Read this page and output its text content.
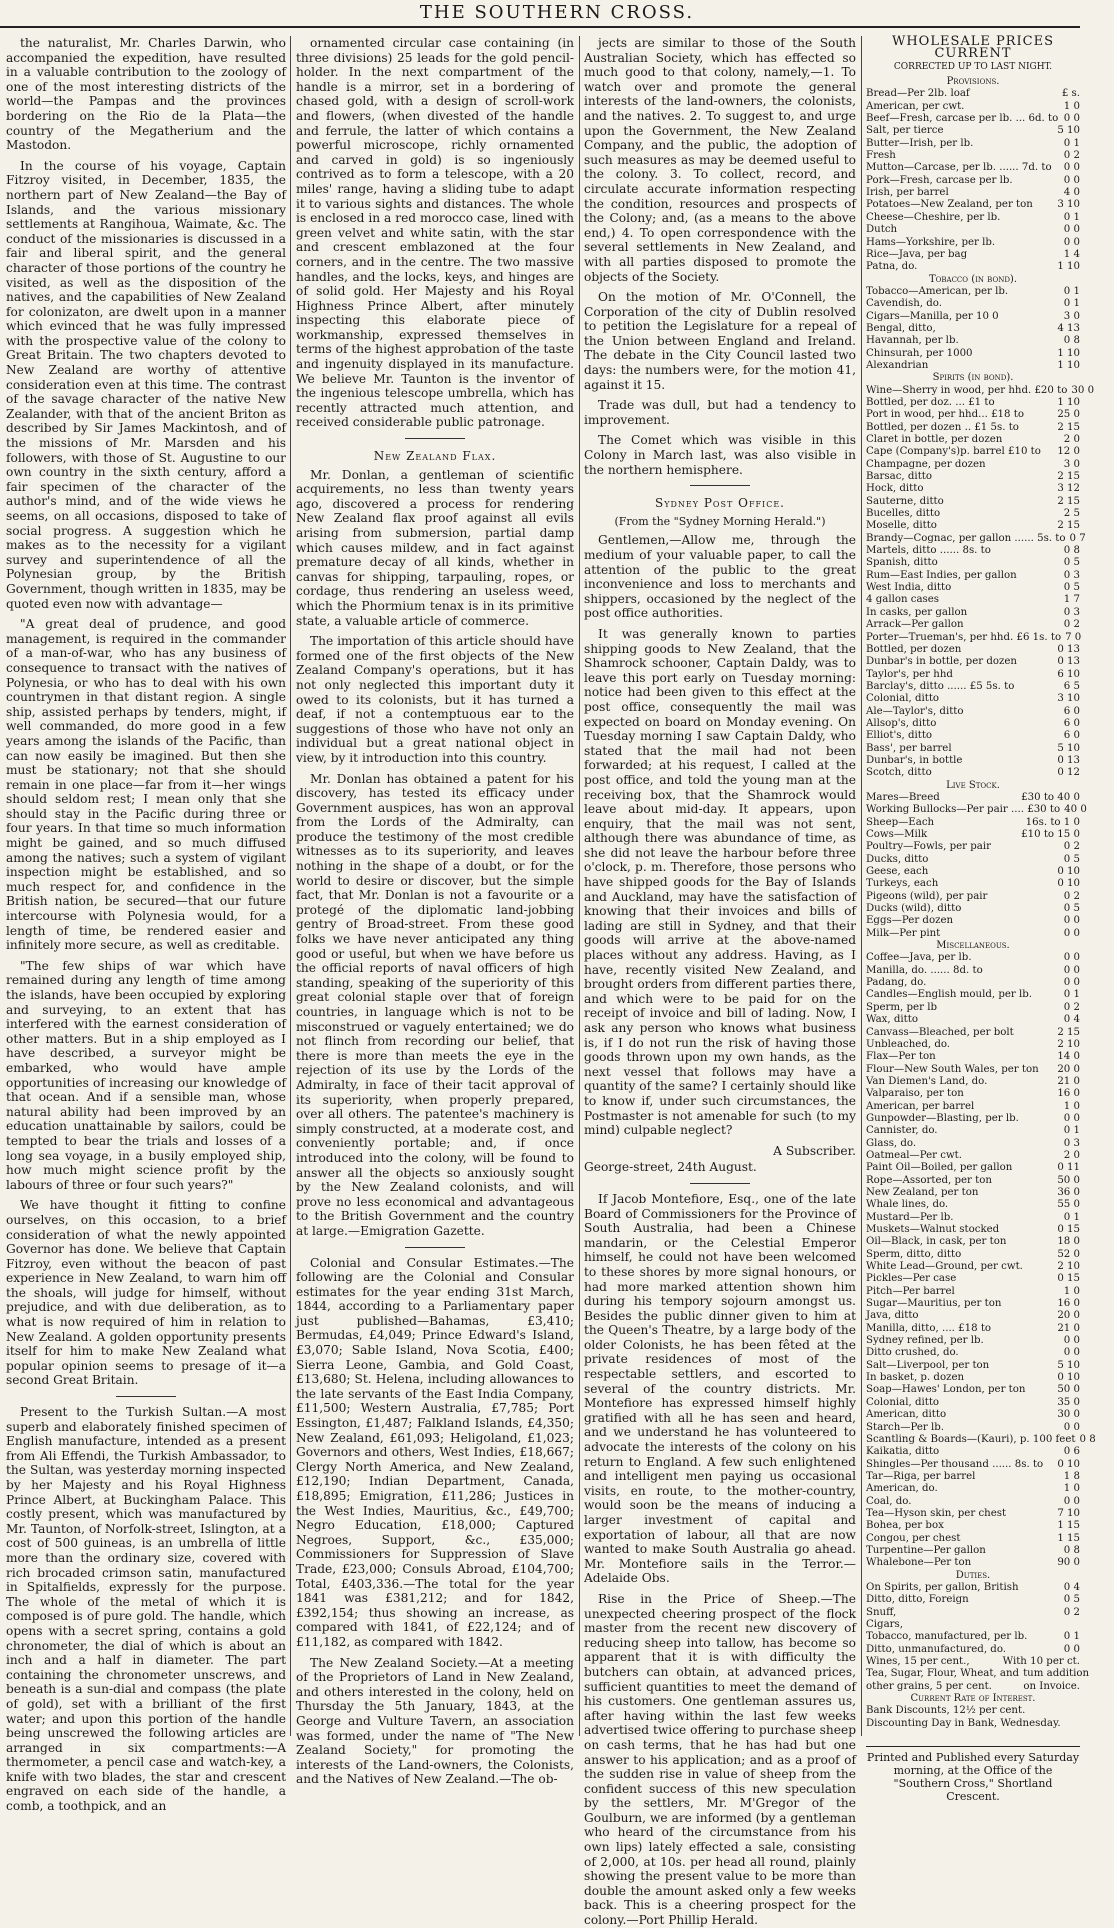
THE SOUTHERN CROSS.

the naturalist, Mr. Charles Darwin, who accompanied the expedition, have resulted in a valuable contribution to the zoology of one of the most interesting districts of the world—the Pampas and the provinces bordering on the Rio de la Plata—the country of the Megatherium and the Mastodon.

In the course of his voyage, Captain Fitzroy visited, in December, 1835, the northern part of New Zealand—the Bay of Islands, and the various missionary settlements at Rangihoua, Waimate, &c. The conduct of the missionaries is discussed in a fair and liberal spirit, and the general character of those portions of the country he visited, as well as the disposition of the natives, and the capabilities of New Zealand for colonizaton, are dwelt upon in a manner which evinced that he was fully impressed with the prospective value of the colony to Great Britain. The two chapters devoted to New Zealand are worthy of attentive consideration even at this time. The contrast of the savage character of the native New Zealander, with that of the ancient Briton as described by Sir James Mackintosh, and of the missions of Mr. Marsden and his followers, with those of St. Augustine to our own country in the sixth century, afford a fair specimen of the character of the author's mind, and of the wide views he seems, on all occasions, disposed to take of social progress. A suggestion which he makes as to the necessity for a vigilant survey and superintendence of all the Polynesian group, by the British Government, though written in 1835, may be quoted even now with advantage—

"A great deal of prudence, and good management, is required in the commander of a man-of-war, who has any business of consequence to transact with the natives of Polynesia, or who has to deal with his own countrymen in that distant region. A single ship, assisted perhaps by tenders, might, if well commanded, do more good in a few years among the islands of the Pacific, than can now easily be imagined. But then she must be stationary; not that she should remain in one place—far from it—her wings should seldom rest; I mean only that she should stay in the Pacific during three or four years. In that time so much information might be gained, and so much diffused among the natives; such a system of vigilant inspection might be established, and so much respect for, and confidence in the British nation, be secured—that our future intercourse with Polynesia would, for a length of time, be rendered easier and infinitely more secure, as well as creditable.

"The few ships of war which have remained during any length of time among the islands, have been occupied by exploring and surveying, to an extent that has interfered with the earnest consideration of other matters. But in a ship employed as I have described, a surveyor might be embarked, who would have ample opportunities of increasing our knowledge of that ocean. And if a sensible man, whose natural ability had been improved by an education unattainable by sailors, could be tempted to bear the trials and losses of a long sea voyage, in a busily employed ship, how much might science profit by the labours of three or four such years?"

We have thought it fitting to confine ourselves, on this occasion, to a brief consideration of what the newly appointed Governor has done. We believe that Captain Fitzroy, even without the beacon of past experience in New Zealand, to warn him off the shoals, will judge for himself, without prejudice, and with due deliberation, as to what is now required of him in relation to New Zealand. A golden opportunity presents itself for him to make New Zealand what popular opinion seems to presage of it—a second Great Britain.

Present to the Turkish Sultan.—A most superb and elaborately finished specimen of English manufacture, intended as a present from Ali Effendi, the Turkish Ambassador, to the Sultan, was yesterday morning inspected by her Majesty and his Royal Highness Prince Albert, at Buckingham Palace. This costly present, which was manufactured by Mr. Taunton, of Norfolk-street, Islington, at a cost of 500 guineas, is an umbrella of little more than the ordinary size, covered with rich brocaded crimson satin, manufactured in Spitalfields, expressly for the purpose. The whole of the metal of which it is composed is of pure gold. The handle, which opens with a secret spring, contains a gold chronometer, the dial of which is about an inch and a half in diameter. The part containing the chronometer unscrews, and beneath is a sun-dial and compass (the plate of gold), set with a brilliant of the first water; and upon this portion of the handle being unscrewed the following articles are arranged in six compartments:—A thermometer, a pencil case and watch-key, a knife with two blades, the star and crescent engraved on each side of the handle, a comb, a toothpick, and an

ornamented circular case containing (in three divisions) 25 leads for the gold pencil-holder. In the next compartment of the handle is a mirror, set in a bordering of chased gold, with a design of scroll-work and flowers, (when divested of the handle and ferrule, the latter of which contains a powerful microscope, richly ornamented and carved in gold) is so ingeniously contrived as to form a telescope, with a 20 miles' range, having a sliding tube to adapt it to various sights and distances. The whole is enclosed in a red morocco case, lined with green velvet and white satin, with the star and crescent emblazoned at the four corners, and in the centre. The two massive handles, and the locks, keys, and hinges are of solid gold. Her Majesty and his Royal Highness Prince Albert, after minutely inspecting this elaborate piece of workmanship, expressed themselves in terms of the highest approbation of the taste and ingenuity displayed in its manufacture. We believe Mr. Taunton is the inventor of the ingenious telescope umbrella, which has recently attracted much attention, and received considerable public patronage.

New Zealand Flax.

Mr. Donlan, a gentleman of scientific acquirements, no less than twenty years ago, discovered a process for rendering New Zealand flax proof against all evils arising from submersion, partial damp which causes mildew, and in fact against premature decay of all kinds, whether in canvas for shipping, tarpauling, ropes, or cordage, thus rendering an useless weed, which the Phormium tenax is in its primitive state, a valuable article of commerce.

The importation of this article should have formed one of the first objects of the New Zealand Company's operations, but it has not only neglected this important duty it owed to its colonists, but it has turned a deaf, if not a contemptuous ear to the suggestions of those who have not only an individual but a great national object in view, by it introduction into this country.

Mr. Donlan has obtained a patent for his discovery, has tested its efficacy under Government auspices, has won an approval from the Lords of the Admiralty, can produce the testimony of the most credible witnesses as to its superiority, and leaves nothing in the shape of a doubt, or for the world to desire or discover, but the simple fact, that Mr. Donlan is not a favourite or a protegé of the diplomatic land-jobbing gentry of Broad-street. From these good folks we have never anticipated any thing good or useful, but when we have before us the official reports of naval officers of high standing, speaking of the superiority of this great colonial staple over that of foreign countries, in language which is not to be misconstrued or vaguely entertained; we do not flinch from recording our belief, that there is more than meets the eye in the rejection of its use by the Lords of the Admiralty, in face of their tacit approval of its superiority, when properly prepared, over all others. The patentee's machinery is simply constructed, at a moderate cost, and conveniently portable; and, if once introduced into the colony, will be found to answer all the objects so anxiously sought by the New Zealand colonists, and will prove no less economical and advantageous to the British Government and the country at large.—Emigration Gazette.

Colonial and Consular Estimates.—The following are the Colonial and Consular estimates for the year ending 31st March, 1844, according to a Parliamentary paper just published—Bahamas, £3,410; Bermudas, £4,049; Prince Edward's Island, £3,070; Sable Island, Nova Scotia, £400; Sierra Leone, Gambia, and Gold Coast, £13,680; St. Helena, including allowances to the late servants of the East India Company, £11,500; Western Australia, £7,785; Port Essington, £1,487; Falkland Islands, £4,350; New Zealand, £61,093; Heligoland, £1,023; Governors and others, West Indies, £18,667; Clergy North America, and New Zealand, £12,190; Indian Department, Canada, £18,895; Emigration, £11,286; Justices in the West Indies, Mauritius, &c., £49,700; Negro Education, £18,000; Captured Negroes, Support, &c., £35,000; Commissioners for Suppression of Slave Trade, £23,000; Consuls Abroad, £104,700; Total, £403,336.—The total for the year 1841 was £381,212; and for 1842, £392,154; thus showing an increase, as compared with 1841, of £22,124; and of £11,182, as compared with 1842.

The New Zealand Society.—At a meeting of the Proprietors of Land in New Zealand, and others interested in the colony, held on Thursday the 5th January, 1843, at the George and Vulture Tavern, an association was formed, under the name of "The New Zealand Society," for promoting the interests of the Land-owners, the Colonists, and the Natives of New Zealand.—The ob-

jects are similar to those of the South Australian Society, which has effected so much good to that colony, namely,—1. To watch over and promote the general interests of the land-owners, the colonists, and the natives. 2. To suggest to, and urge upon the Government, the New Zealand Company, and the public, the adoption of such measures as may be deemed useful to the colony. 3. To collect, record, and circulate accurate information respecting the condition, resources and prospects of the Colony; and, (as a means to the above end,) 4. To open correspondence with the several settlements in New Zealand, and with all parties disposed to promote the objects of the Society.

On the motion of Mr. O'Connell, the Corporation of the city of Dublin resolved to petition the Legislature for a repeal of the Union between England and Ireland. The debate in the City Council lasted two days: the numbers were, for the motion 41, against it 15.

Trade was dull, but had a tendency to improvement.

The Comet which was visible in this Colony in March last, was also visible in the northern hemisphere.

Sydney Post Office.
(From the "Sydney Morning Herald.")

Gentlemen,—Allow me, through the medium of your valuable paper, to call the attention of the public to the great inconvenience and loss to merchants and shippers, occasioned by the neglect of the post office authorities.

It was generally known to parties shipping goods to New Zealand, that the Shamrock schooner, Captain Daldy, was to leave this port early on Tuesday morning: notice had been given to this effect at the post office, consequently the mail was expected on board on Monday evening. On Tuesday morning I saw Captain Daldy, who stated that the mail had not been forwarded; at his request, I called at the post office, and told the young man at the receiving box, that the Shamrock would leave about mid-day. It appears, upon enquiry, that the mail was not sent, although there was abundance of time, as she did not leave the harbour before three o'clock, p. m. Therefore, those persons who have shipped goods for the Bay of Islands and Auckland, may have the satisfaction of knowing that their invoices and bills of lading are still in Sydney, and that their goods will arrive at the above-named places without any address. Having, as I have, recently visited New Zealand, and brought orders from different parties there, and which were to be paid for on the receipt of invoice and bill of lading. Now, I ask any person who knows what business is, if I do not run the risk of having those goods thrown upon my own hands, as the next vessel that follows may have a quantity of the same? I certainly should like to know if, under such circumstances, the Postmaster is not amenable for such (to my mind) culpable neglect?

A Subscriber.
George-street, 24th August.

If Jacob Montefiore, Esq., one of the late Board of Commissioners for the Province of South Australia, had been a Chinese mandarin, or the Celestial Emperor himself, he could not have been welcomed to these shores by more signal honours, or had more marked attention shown him during his tempory sojourn amongst us. Besides the public dinner given to him at the Queen's Theatre, by a large body of the older Colonists, he has been fêted at the private residences of most of the respectable settlers, and escorted to several of the country districts. Mr. Montefiore has expressed himself highly gratified with all he has seen and heard, and we understand he has volunteered to advocate the interests of the colony on his return to England. A few such enlightened and intelligent men paying us occasional visits, en route, to the mother-country, would soon be the means of inducing a larger investment of capital and exportation of labour, all that are now wanted to make South Australia go ahead. Mr. Montefiore sails in the Terror.—Adelaide Obs.

Rise in the Price of Sheep.—The unexpected cheering prospect of the flock master from the recent new discovery of reducing sheep into tallow, has become so apparent that it is with difficulty the butchers can obtain, at advanced prices, sufficient quantities to meet the demand of his customers. One gentleman assures us, after having within the last few weeks advertised twice offering to purchase sheep on cash terms, that he has had but one answer to his application; and as a proof of the sudden rise in value of sheep from the confident success of this new speculation by the settlers, Mr. M'Gregor of the Goulburn, we are informed (by a gentleman who heard of the circumstance from his own lips) lately effected a sale, consisting of 2,000, at 10s. per head all round, plainly showing the present value to be more than double the amount asked only a few weeks back. This is a cheering prospect for the colony.—Port Phillip Herald.

WHOLESALE PRICES CURRENT
CORRECTED UP TO LAST NIGHT.
Provisions.
Bread—Per 2lb. loaf	£ s.
American, per cwt.	1 0
Beef—Fresh, carcase per lb. ... 6d. to 0 0
Salt, per tierce	5 10
Butter—Irish, per lb.	0 1
Fresh	0 2
Mutton—Carcase, per lb. ...... 7d. to	0 0
Pork—Fresh, carcase per lb.	0 0
Irish, per barrel	4 0
Potatoes—New Zealand, per ton	3 10
Cheese—Cheshire, per lb.	0 1
Dutch	0 0
Hams—Yorkshire, per lb.	0 0
Rice—Java, per bag	1 4
Patna, do.	1 10
Tobacco (in bond).
Tobacco—American, per lb.	0 1
Cavendish, do.	0 1
Cigars—Manilla, per 10 0	3 0
Bengal, ditto,	4 13
Havannah, per lb.	0 8
Chinsurah, per 1000	1 10
Alexandrian	1 10
Spirits (in bond).
Wine—Sherry in wood, per hhd. £20 to 30 0
Bottled, per doz. ... £1 to	1 10
Port in wood, per hhd... £18 to	25 0
Bottled, per dozen .. £1 5s. to	2 15
Claret in bottle, per dozen	2 0
Cape (Company's)p. barrel £10 to	12 0
Champagne, per dozen	3 0
Barsac, ditto	2 15
Hock, ditto	3 12
Sauterne, ditto	2 15
Bucelles, ditto	2 5
Moselle, ditto	2 15
Brandy—Cognac, per gallon ...... 5s. to 0 7
Martels, ditto ...... 8s. to	0 8
Spanish, ditto	0 5
Rum—East Indies, per gallon	0 3
West India, ditto	0 5
4 gallon cases	1 7
In casks, per gallon	0 3
Arrack—Per gallon	0 2
Porter—Trueman's, per hhd. £6 1s. to 7 0
Bottled, per dozen	0 13
Dunbar's in bottle, per dozen	0 13
Taylor's, per hhd	6 10
Barclay's, ditto ...... £5 5s. to	6 5
Colonial, ditto	3 10
Ale—Taylor's, ditto	6 0
Allsop's, ditto	6 0
Elliot's, ditto	6 0
Bass', per barrel	5 10
Dunbar's, in bottle	0 13
Scotch, ditto	0 12
Live Stock.
Mares—Breed	£30 to 40 0
Working Bullocks—Per pair .... £30 to 40 0
Sheep—Each	16s. to 1 0
Cows—Milk	£10 to 15 0
Poultry—Fowls, per pair	0 2
Ducks, ditto	0 5
Geese, each	0 10
Turkeys, each	0 10
Pigeons (wild), per pair	0 2
Ducks (wild), ditto	0 5
Eggs—Per dozen	0 0
Milk—Per pint	0 0
Miscellaneous.
Coffee—Java, per lb.	0 0
Manilla, do. ...... 8d. to	0 0
Padang, do.	0 0
Candles—English mould, per lb.	0 1
Sperm, per lb	0 2
Wax, ditto	0 4
Canvass—Bleached, per bolt	2 15
Unbleached, do.	2 10
Flax—Per ton	14 0
Flour—New South Wales, per ton	20 0
Van Diemen's Land, do.	21 0
Valparaiso, per ton	16 0
American, per barrel	1 0
Gunpowder—Blasting, per lb.	0 0
Cannister, do.	0 1
Glass, do.	0 3
Oatmeal—Per cwt.	2 0
Paint Oil—Boiled, per gallon	0 11
Rope—Assorted, per ton	50 0
New Zealand, per ton	36 0
Whale lines, do.	55 0
Mustard—Per lb.	0 1
Muskets—Walnut stocked	0 15
Oil—Black, in cask, per ton	18 0
Sperm, ditto, ditto	52 0
White Lead—Ground, per cwt.	2 10
Pickles—Per case	0 15
Pitch—Per barrel	1 0
Sugar—Mauritius, per ton	16 0
Java, ditto	20 0
Manilla, ditto, .... £18 to	21 0
Sydney refined, per lb.	0 0
Ditto crushed, do.	0 0
Salt—Liverpool, per ton	5 10
In basket, p. dozen	0 10
Soap—Hawes' London, per ton	50 0
Colonial, ditto	35 0
American, ditto	30 0
Starch—Per lb.	0 0
Scantling & Boards—(Kauri), p. 100 feet 0 8
Kaikatia, ditto	0 6
Shingles—Per thousand ...... 8s. to	0 10
Tar—Riga, per barrel	1 8
American, do.	1 0
Coal, do.	0 0
Tea—Hyson skin, per chest	7 10
Bohea, per box	1 15
Congou, per chest	1 15
Turpentine—Per gallon	0 8
Whalebone—Per ton	90 0
Duties.
On Spirits, per gallon, British	0 4
Ditto, ditto, Foreign	0 5
Snuff,	0 2
Cigars,
Tobacco, manufactured, per lb.	0 1
Ditto, unmanufactured, do.	0 0
Wines, 15 per cent.,	With 10 per ct.
Tea, Sugar, Flour, Wheat, and tum addition
other grains, 5 per cent.	on Invoice.
Current Rate of Interest.
Bank Discounts, 12½ per cent.
Discounting Day in Bank, Wednesday.
Printed and Published every Saturday morning, at the Office of the "Southern Cross," Shortland Crescent.
